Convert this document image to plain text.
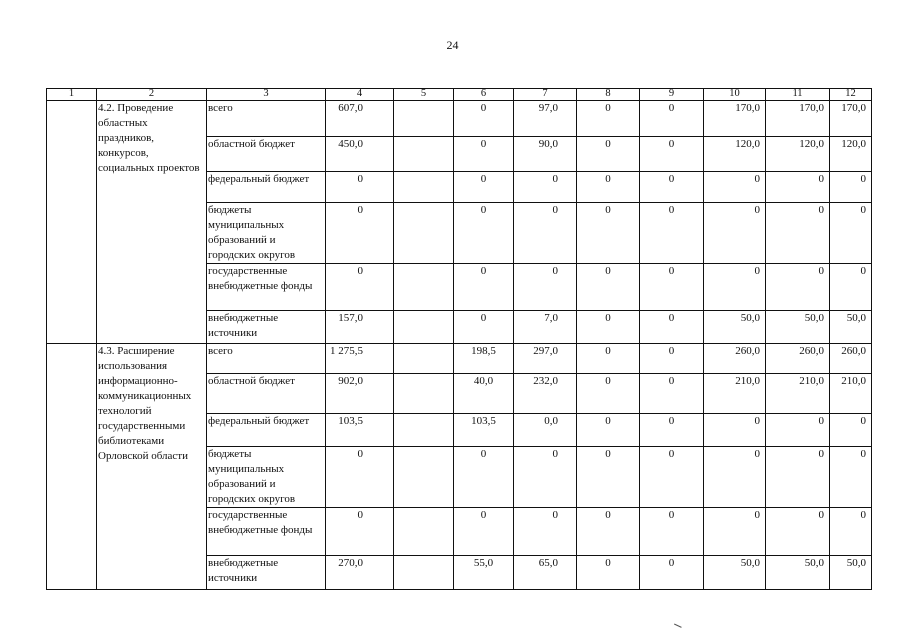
24
1	2	3	4	5	6	7	8	9	10	11	12
	4.2. Проведение областных праздников, конкурсов, социальных проектов	всего	607,0		0	97,0	0	0	170,0	170,0	170,0
		областной бюджет	450,0		0	90,0	0	0	120,0	120,0	120,0
		федеральный бюджет	0		0	0	0	0	0	0	0
		бюджеты муниципальных образований и городских округов	0		0	0	0	0	0	0	0
		государственные внебюджетные фонды	0		0	0	0	0	0	0	0
		внебюджетные источники	157,0		0	7,0	0	0	50,0	50,0	50,0
	4.3. Расширение использования информационно-коммуникационных технологий государственными библиотеками Орловской области	всего	1 275,5		198,5	297,0	0	0	260,0	260,0	260,0
		областной бюджет	902,0		40,0	232,0	0	0	210,0	210,0	210,0
		федеральный бюджет	103,5		103,5	0,0	0	0	0	0	0
		бюджеты муниципальных образований и городских округов	0		0	0	0	0	0	0	0
		государственные внебюджетные фонды	0		0	0	0	0	0	0	0
		внебюджетные источники	270,0		55,0	65,0	0	0	50,0	50,0	50,0
